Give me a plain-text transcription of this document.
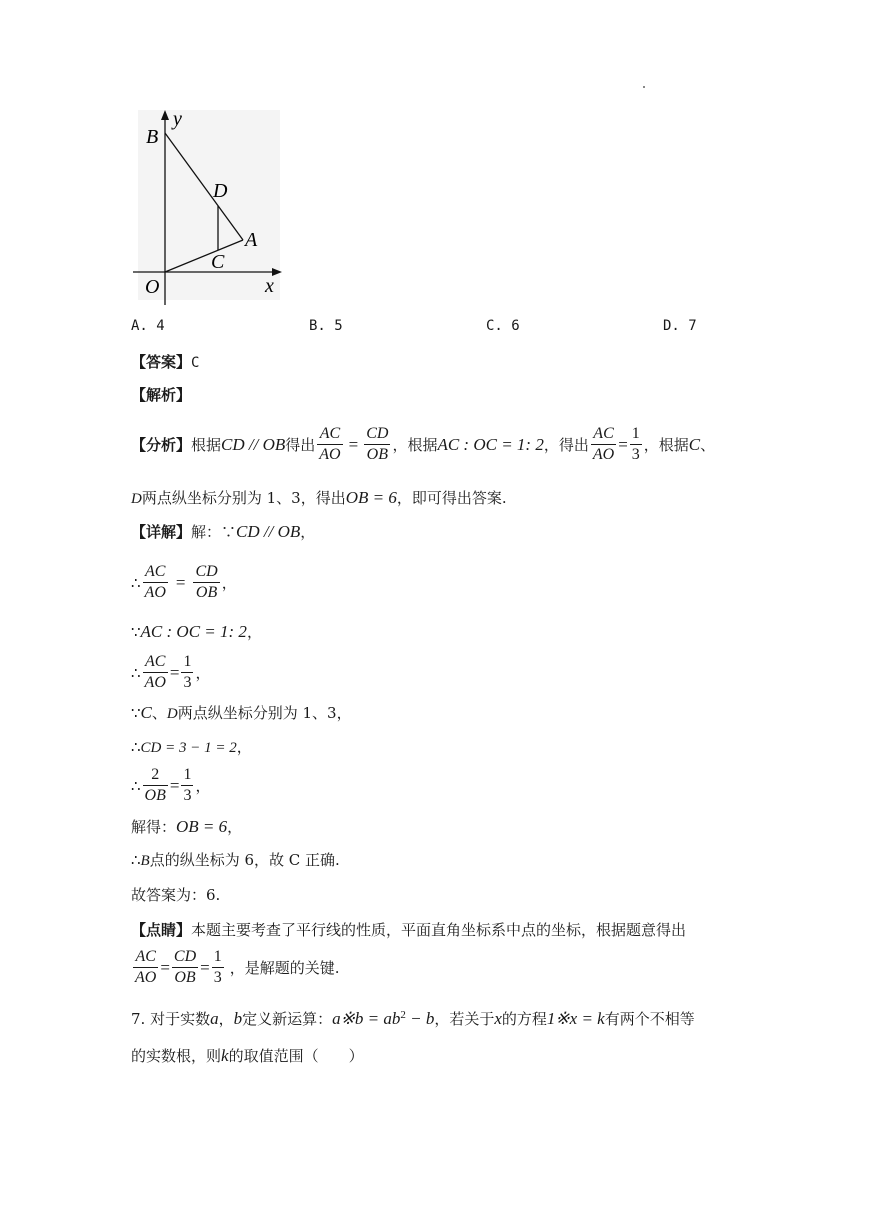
y
B
D
A
C
O	x
A. 4	B. 5	C. 6	D. 7
【答案】C
【解析】
【分析】 根据 CD // OB 得出 $\frac{AC}{AO} = \frac{CD}{OB}$ ，根据 AC : OC = 1: 2 ，得出 $\frac{AC}{AO} = \frac{1}{3}$ ，根据 C 、
D两点纵坐标分别为 1、3，得出OB = 6，即可得出答案.
【详解】解：∵CD // OB，
∴ $\frac{AC}{AO} = \frac{CD}{OB}$ ，
∵AC : OC = 1: 2，
∴ $\frac{AC}{AO} = \frac{1}{3}$ ，
∵C、D两点纵坐标分别为 1、3，
∴CD = 3 − 1 = 2，
∴ $\frac{2}{OB} = \frac{1}{3}$ ，
解得：OB = 6，
∴B点的纵坐标为 6，故 C 正确.
故答案为：6.
【点睛】本题主要考查了平行线的性质，平面直角坐标系中点的坐标，根据题意得出
$\frac{AC}{AO} = \frac{CD}{OB} = \frac{1}{3}$ ，是解题的关键.
7. 对于实数a，b定义新运算：a※b = $ab^2 - b$，若关于x的方程1※x = k有两个不相等
的实数根，则k的取值范围（　　）
